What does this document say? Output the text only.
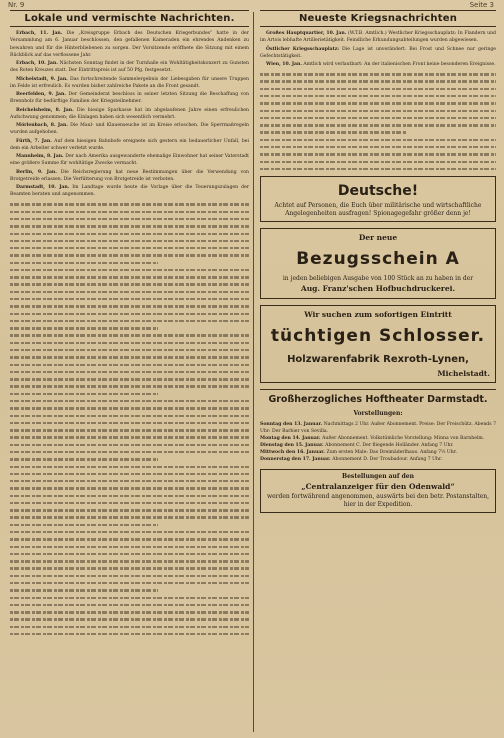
Nr. 9	Seite 3
Lokale und vermischte Nachrichten.
Erbach, 11. Jan. Die „Kreisgruppe Erbach des Deutschen Kriegerbundes“ hatte in der Versammlung am 6. Januar beschlossen, den gefallenen Kameraden ein ehrendes Andenken zu bewahren und für die Hinterbliebenen zu sorgen. Der Vorsitzende eröffnete die Sitzung mit einem Rückblick auf das verflossene Jahr.
Erbach, 10. Jan. Nächsten Sonntag findet in der Turnhalle ein Wohltätigkeitskonzert zu Gunsten des Roten Kreuzes statt. Der Eintrittspreis ist auf 50 Pfg. festgesetzt.
Michelstadt, 9. Jan. Das fortschreitende Sammelergebnis der Liebesgaben für unsere Truppen im Felde ist erfreulich. Es wurden bisher zahlreiche Pakete an die Front gesandt.
Beerfelden, 9. Jan. Der Gemeinderat beschloss in seiner letzten Sitzung die Beschaffung von Brennholz für bedürftige Familien der Kriegsteilnehmer.
Reichelsheim, 8. Jan. Die hiesige Sparkasse hat im abgelaufenen Jahre einen erfreulichen Aufschwung genommen; die Einlagen haben sich wesentlich vermehrt.
Mörlenbach, 8. Jan. Die Maul- und Klauenseuche ist im Kreise erloschen. Die Sperrmaßregeln wurden aufgehoben.
Fürth, 7. Jan. Auf dem hiesigen Bahnhofe ereignete sich gestern ein bedauerlicher Unfall, bei dem ein Arbeiter schwer verletzt wurde.
Mannheim, 8. Jan. Der nach Amerika ausgewanderte ehemalige Einwohner hat seiner Vaterstadt eine größere Summe für wohltätige Zwecke vermacht.
Berlin, 9. Jan. Die Reichsregierung hat neue Bestimmungen über die Verwendung von Brotgetreide erlassen. Die Verfütterung von Brotgetreide ist verboten.
Darmstadt, 10. Jan. Im Landtage wurde heute die Vorlage über die Teuerungszulagen der Beamten beraten und angenommen.
Neueste Kriegsnachrichten
Großes Hauptquartier, 10. Jan. (W.T.B. Amtlich.) Westlicher Kriegsschauplatz: In Flandern und im Artois lebhafte Artillerietätigkeit. Feindliche Erkundungsabteilungen wurden abgewiesen.
Östlicher Kriegsschauplatz: Die Lage ist unverändert. Bei Frost und Schnee nur geringe Gefechtstätigkeit.
Wien, 10. Jan. Amtlich wird verlautbart: An der italienischen Front keine besonderen Ereignisse.
Deutsche!
Achtet auf Personen, die Euch über militärische und wirtschaftliche Angelegenheiten ausfragen! Spionagegefahr größer denn je!
Der neue
Bezugsschein A
in jeden beliebigen Ausgabe von 100 Stück an zu haben in der
Aug. Franz'schen Hofbuchdruckerei.
Wir suchen zum sofortigen Eintritt
tüchtigen Schlosser.
Holzwarenfabrik Rexroth-Lynen,
Michelstadt.
Großherzogliches Hoftheater Darmstadt.
Vorstellungen:
Sonntag den 13. Januar. Nachmittags 2 Uhr. Außer Abonnement. Preise: Der Freischütz. Abends 7 Uhr: Der Barbier von Sevilla.
Montag den 14. Januar. Außer Abonnement. Volkstümliche Vorstellung: Minna von Barnhelm.
Dienstag den 15. Januar. Abonnement C. Der fliegende Holländer. Anfang 7 Uhr.
Mittwoch den 16. Januar. Zum ersten Male: Das Dreimäderlhaus. Anfang 7½ Uhr.
Donnerstag den 17. Januar. Abonnement D. Der Troubadour. Anfang 7 Uhr.
Bestellungen auf den
„Centralanzeiger für den Odenwald“
werden fortwährend angenommen, auswärts bei den betr. Postanstalten, hier in der Expedition.
